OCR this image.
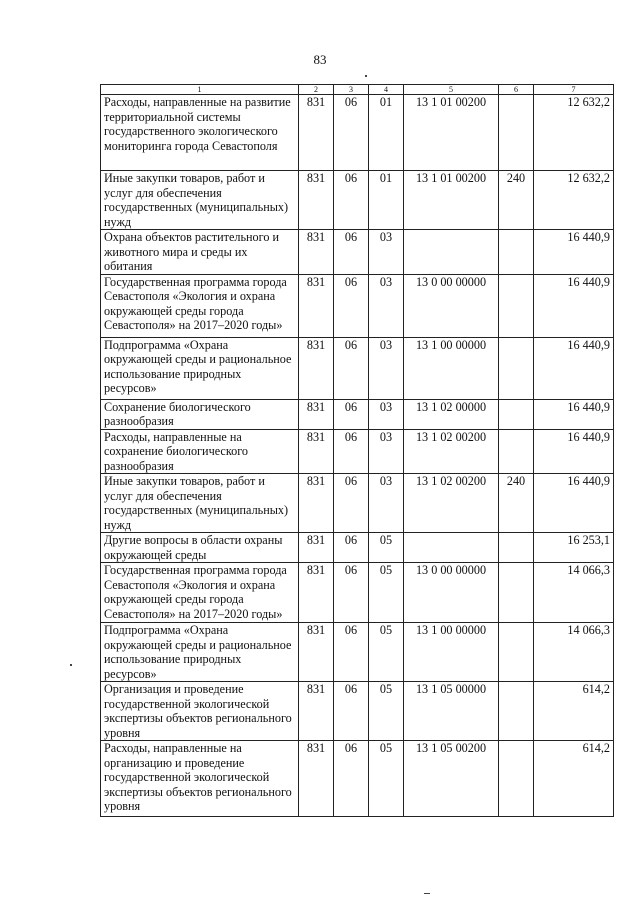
83
1	2	3	4	5	6	7
Расходы, направленные на развитие территориальной системы государственного экологического мониторинга города Севастополя	831	06	01	13 1 01 00200		12 632,2
Иные закупки товаров, работ и услуг для обеспечения государственных (муниципальных) нужд	831	06	01	13 1 01 00200	240	12 632,2
Охрана объектов растительного и животного мира и среды их обитания	831	06	03			16 440,9
Государственная программа города Севастополя «Экология и охрана окружающей среды города Севастополя» на 2017–2020 годы»	831	06	03	13 0 00 00000		16 440,9
Подпрограмма «Охрана окружающей среды и рациональное использование природных ресурсов»	831	06	03	13 1 00 00000		16 440,9
Сохранение биологического разнообразия	831	06	03	13 1 02 00000		16 440,9
Расходы, направленные на сохранение биологического разнообразия	831	06	03	13 1 02 00200		16 440,9
Иные закупки товаров, работ и услуг для обеспечения государственных (муниципальных) нужд	831	06	03	13 1 02 00200	240	16 440,9
Другие вопросы в области охраны окружающей среды	831	06	05			16 253,1
Государственная программа города Севастополя «Экология и охрана окружающей среды города Севастополя» на 2017–2020 годы»	831	06	05	13 0 00 00000		14 066,3
Подпрограмма «Охрана окружающей среды и рациональное использование природных ресурсов»	831	06	05	13 1 00 00000		14 066,3
Организация и проведение государственной экологической экспертизы объектов регионального уровня	831	06	05	13 1 05 00000		614,2
Расходы, направленные на организацию и проведение государственной экологической экспертизы объектов регионального уровня	831	06	05	13 1 05 00200		614,2
